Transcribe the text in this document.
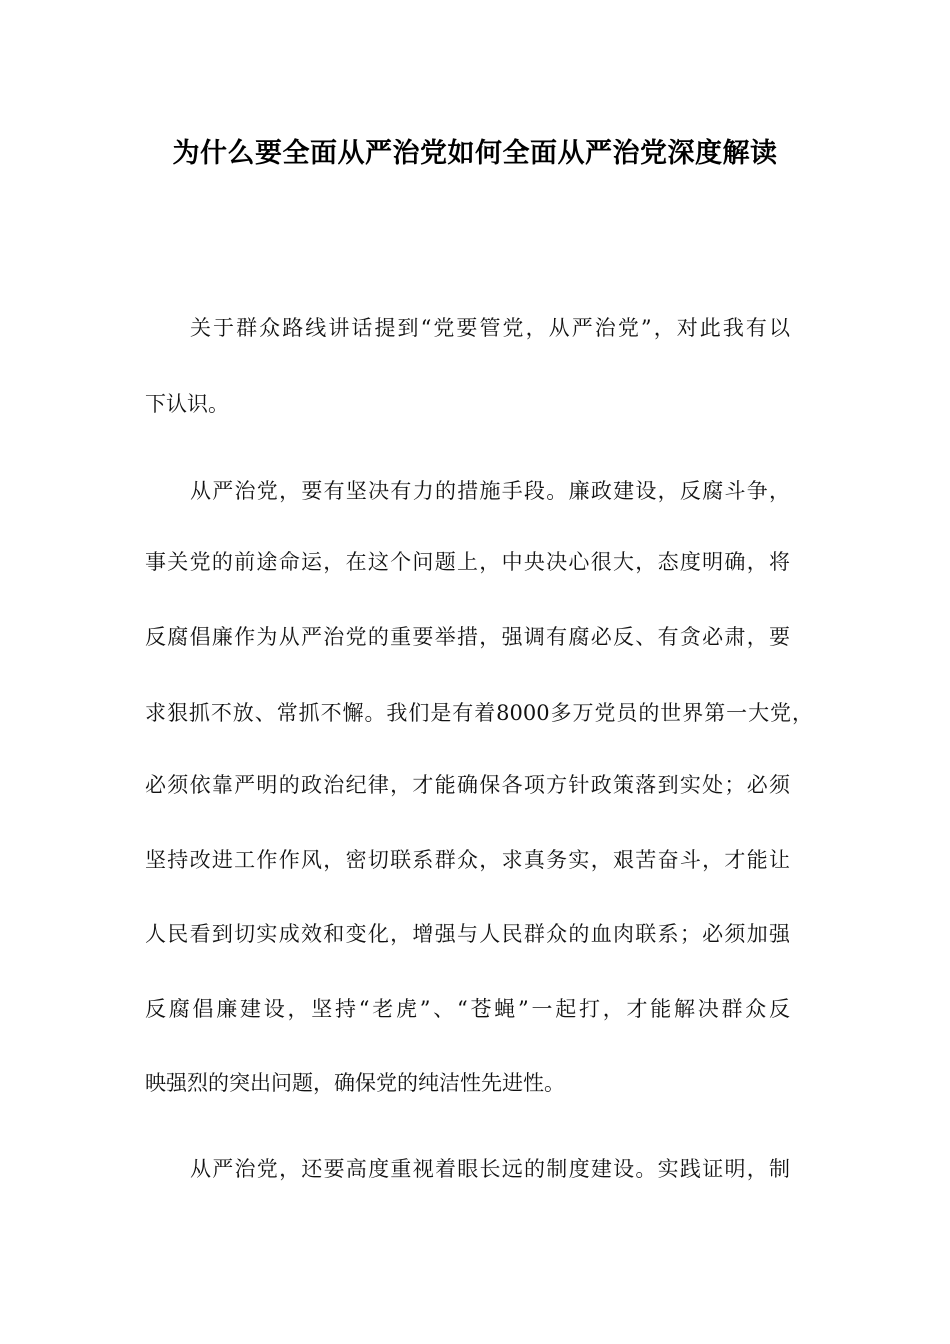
为什么要全面从严治党如何全面从严治党深度解读
关于群众路线讲话提到“党要管党，从严治党”，对此我有以
下认识。
从严治党，要有坚决有力的措施手段。廉政建设，反腐斗争，
事关党的前途命运，在这个问题上，中央决心很大，态度明确，将
反腐倡廉作为从严治党的重要举措，强调有腐必反、有贪必肃，要
求狠抓不放、常抓不懈。我们是有着8000多万党员的世界第一大党，
必须依靠严明的政治纪律，才能确保各项方针政策落到实处；必须
坚持改进工作作风，密切联系群众，求真务实，艰苦奋斗，才能让
人民看到切实成效和变化，增强与人民群众的血肉联系；必须加强
反腐倡廉建设，坚持“老虎”、“苍蝇”一起打，才能解决群众反
映强烈的突出问题，确保党的纯洁性先进性。
从严治党，还要高度重视着眼长远的制度建设。实践证明，制
